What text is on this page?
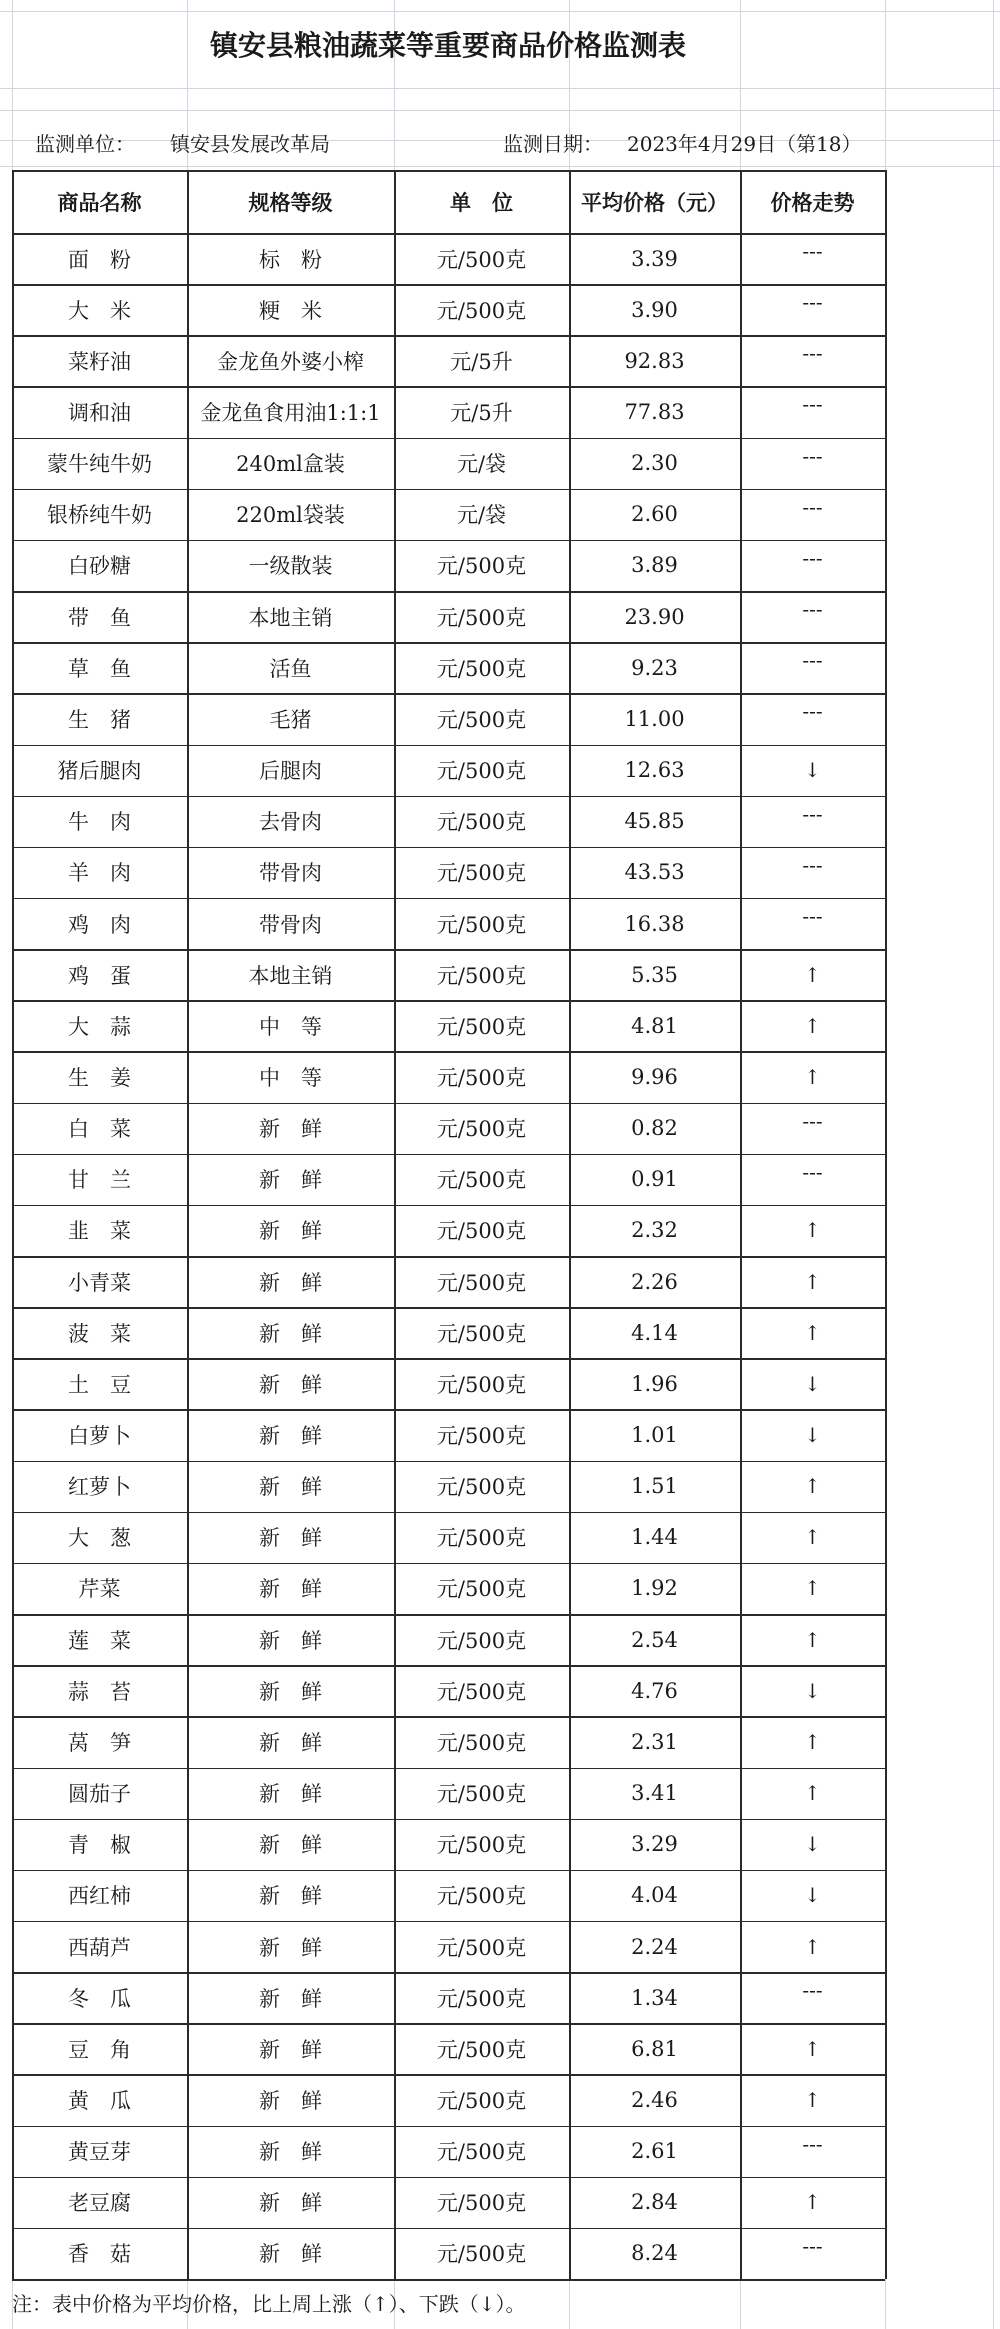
镇安县粮油蔬菜等重要商品价格监测表
监测单位： 镇安县发展改革局	监测日期： 2023年4月29日（第18）
商品名称	规格等级	单　位	平均价格（元）	价格走势
面　粉	标　粉	元/500克	3.39	---
大　米	粳　米	元/500克	3.90	---
菜籽油	金龙鱼外婆小榨	元/5升	92.83	---
调和油	金龙鱼食用油1:1:1	元/5升	77.83	---
蒙牛纯牛奶	240ml盒装	元/袋	2.30	---
银桥纯牛奶	220ml袋装	元/袋	2.60	---
白砂糖	一级散装	元/500克	3.89	---
带　鱼	本地主销	元/500克	23.90	---
草　鱼	活鱼	元/500克	9.23	---
生　猪	毛猪	元/500克	11.00	---
猪后腿肉	后腿肉	元/500克	12.63	↓
牛　肉	去骨肉	元/500克	45.85	---
羊　肉	带骨肉	元/500克	43.53	---
鸡　肉	带骨肉	元/500克	16.38	---
鸡　蛋	本地主销	元/500克	5.35	↑
大　蒜	中　等	元/500克	4.81	↑
生　姜	中　等	元/500克	9.96	↑
白　菜	新　鲜	元/500克	0.82	---
甘　兰	新　鲜	元/500克	0.91	---
韭　菜	新　鲜	元/500克	2.32	↑
小青菜	新　鲜	元/500克	2.26	↑
菠　菜	新　鲜	元/500克	4.14	↑
土　豆	新　鲜	元/500克	1.96	↓
白萝卜	新　鲜	元/500克	1.01	↓
红萝卜	新　鲜	元/500克	1.51	↑
大　葱	新　鲜	元/500克	1.44	↑
芹菜	新　鲜	元/500克	1.92	↑
莲　菜	新　鲜	元/500克	2.54	↑
蒜　苔	新　鲜	元/500克	4.76	↓
莴　笋	新　鲜	元/500克	2.31	↑
圆茄子	新　鲜	元/500克	3.41	↑
青　椒	新　鲜	元/500克	3.29	↓
西红柿	新　鲜	元/500克	4.04	↓
西葫芦	新　鲜	元/500克	2.24	↑
冬　瓜	新　鲜	元/500克	1.34	---
豆　角	新　鲜	元/500克	6.81	↑
黄　瓜	新　鲜	元/500克	2.46	↑
黄豆芽	新　鲜	元/500克	2.61	---
老豆腐	新　鲜	元/500克	2.84	↑
香　菇	新　鲜	元/500克	8.24	---
注：表中价格为平均价格，比上周上涨（↑）、下跌（↓）。
